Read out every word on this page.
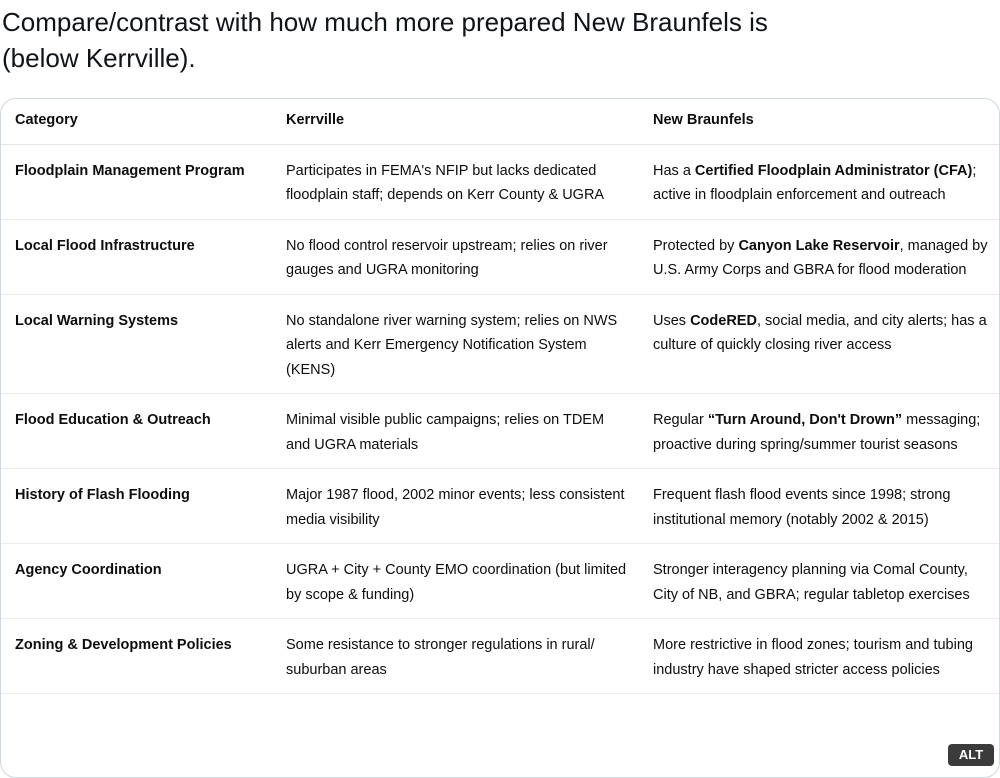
Compare/contrast with how much more prepared New Braunfels is
(below Kerrville).
Category	Kerrville	New Braunfels
Floodplain Management Program	Participates in FEMA's NFIP but lacks dedicated floodplain staff; depends on Kerr County & UGRA	Has a Certified Floodplain Administrator (CFA); active in floodplain enforcement and outreach
Local Flood Infrastructure	No flood control reservoir upstream; relies on river gauges and UGRA monitoring	Protected by Canyon Lake Reservoir, managed by U.S. Army Corps and GBRA for flood moderation
Local Warning Systems	No standalone river warning system; relies on NWS alerts and Kerr Emergency Notification System (KENS)	Uses CodeRED, social media, and city alerts; has a culture of quickly closing river access
Flood Education & Outreach	Minimal visible public campaigns; relies on TDEM and UGRA materials	Regular “Turn Around, Don't Drown” messaging; proactive during spring/summer tourist seasons
History of Flash Flooding	Major 1987 flood, 2002 minor events; less consistent media visibility	Frequent flash flood events since 1998; strong institutional memory (notably 2002 & 2015)
Agency Coordination	UGRA + City + County EMO coordination (but limited by scope & funding)	Stronger interagency planning via Comal County, City of NB, and GBRA; regular tabletop exercises
Zoning & Development Policies	Some resistance to stronger regulations in rural/ suburban areas	More restrictive in flood zones; tourism and tubing industry have shaped stricter access policies
ALT
